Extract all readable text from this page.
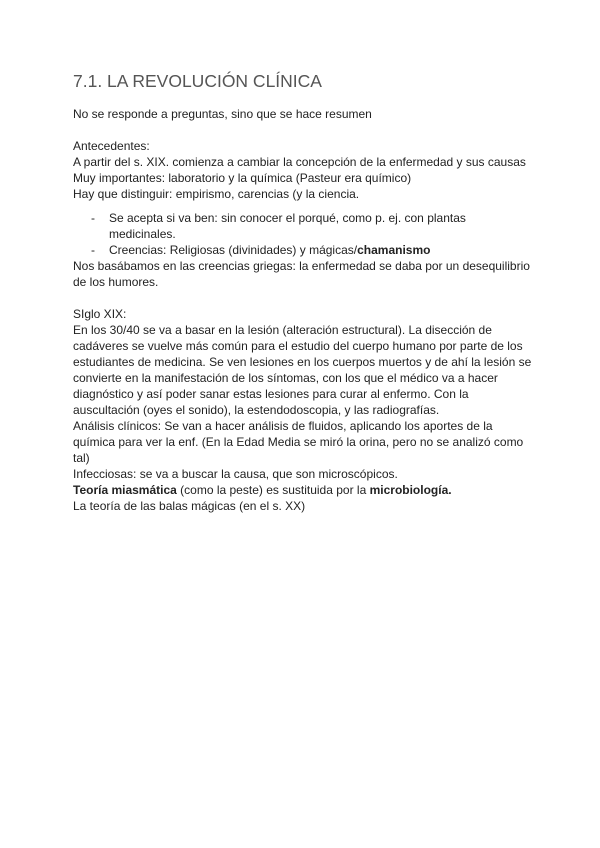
7.1. LA REVOLUCIÓN CLÍNICA

No se responde a preguntas, sino que se hace resumen

Antecedentes:

A partir del s. XIX. comienza a cambiar la concepción de la enfermedad y sus causas

Muy importantes: laboratorio y la química (Pasteur era químico)

Hay que distinguir: empirismo, carencias (y la ciencia.

- Se acepta si va ben: sin conocer el porqué, como p. ej. con plantas medicinales.
- Creencias: Religiosas (divinidades) y mágicas/chamanismo

Nos basábamos en las creencias griegas: la enfermedad se daba por un desequilibrio de los humores.

SIglo XIX:

En los 30/40 se va a basar en la lesión (alteración estructural). La disección de cadáveres se vuelve más común para el estudio del cuerpo humano por parte de los estudiantes de medicina. Se ven lesiones en los cuerpos muertos y de ahí la lesión se convierte en la manifestación de los síntomas, con los que el médico va a hacer diagnóstico y así poder sanar estas lesiones para curar al enfermo. Con la auscultación (oyes el sonido), la estendodoscopia, y las radiografías.

Análisis clínicos: Se van a hacer análisis de fluidos, aplicando los aportes de la química para ver la enf. (En la Edad Media se miró la orina, pero no se analizó como tal)

Infecciosas: se va a buscar la causa, que son microscópicos.

Teoría miasmática (como la peste) es sustituida por la microbiología.

La teoría de las balas mágicas (en el s. XX)
